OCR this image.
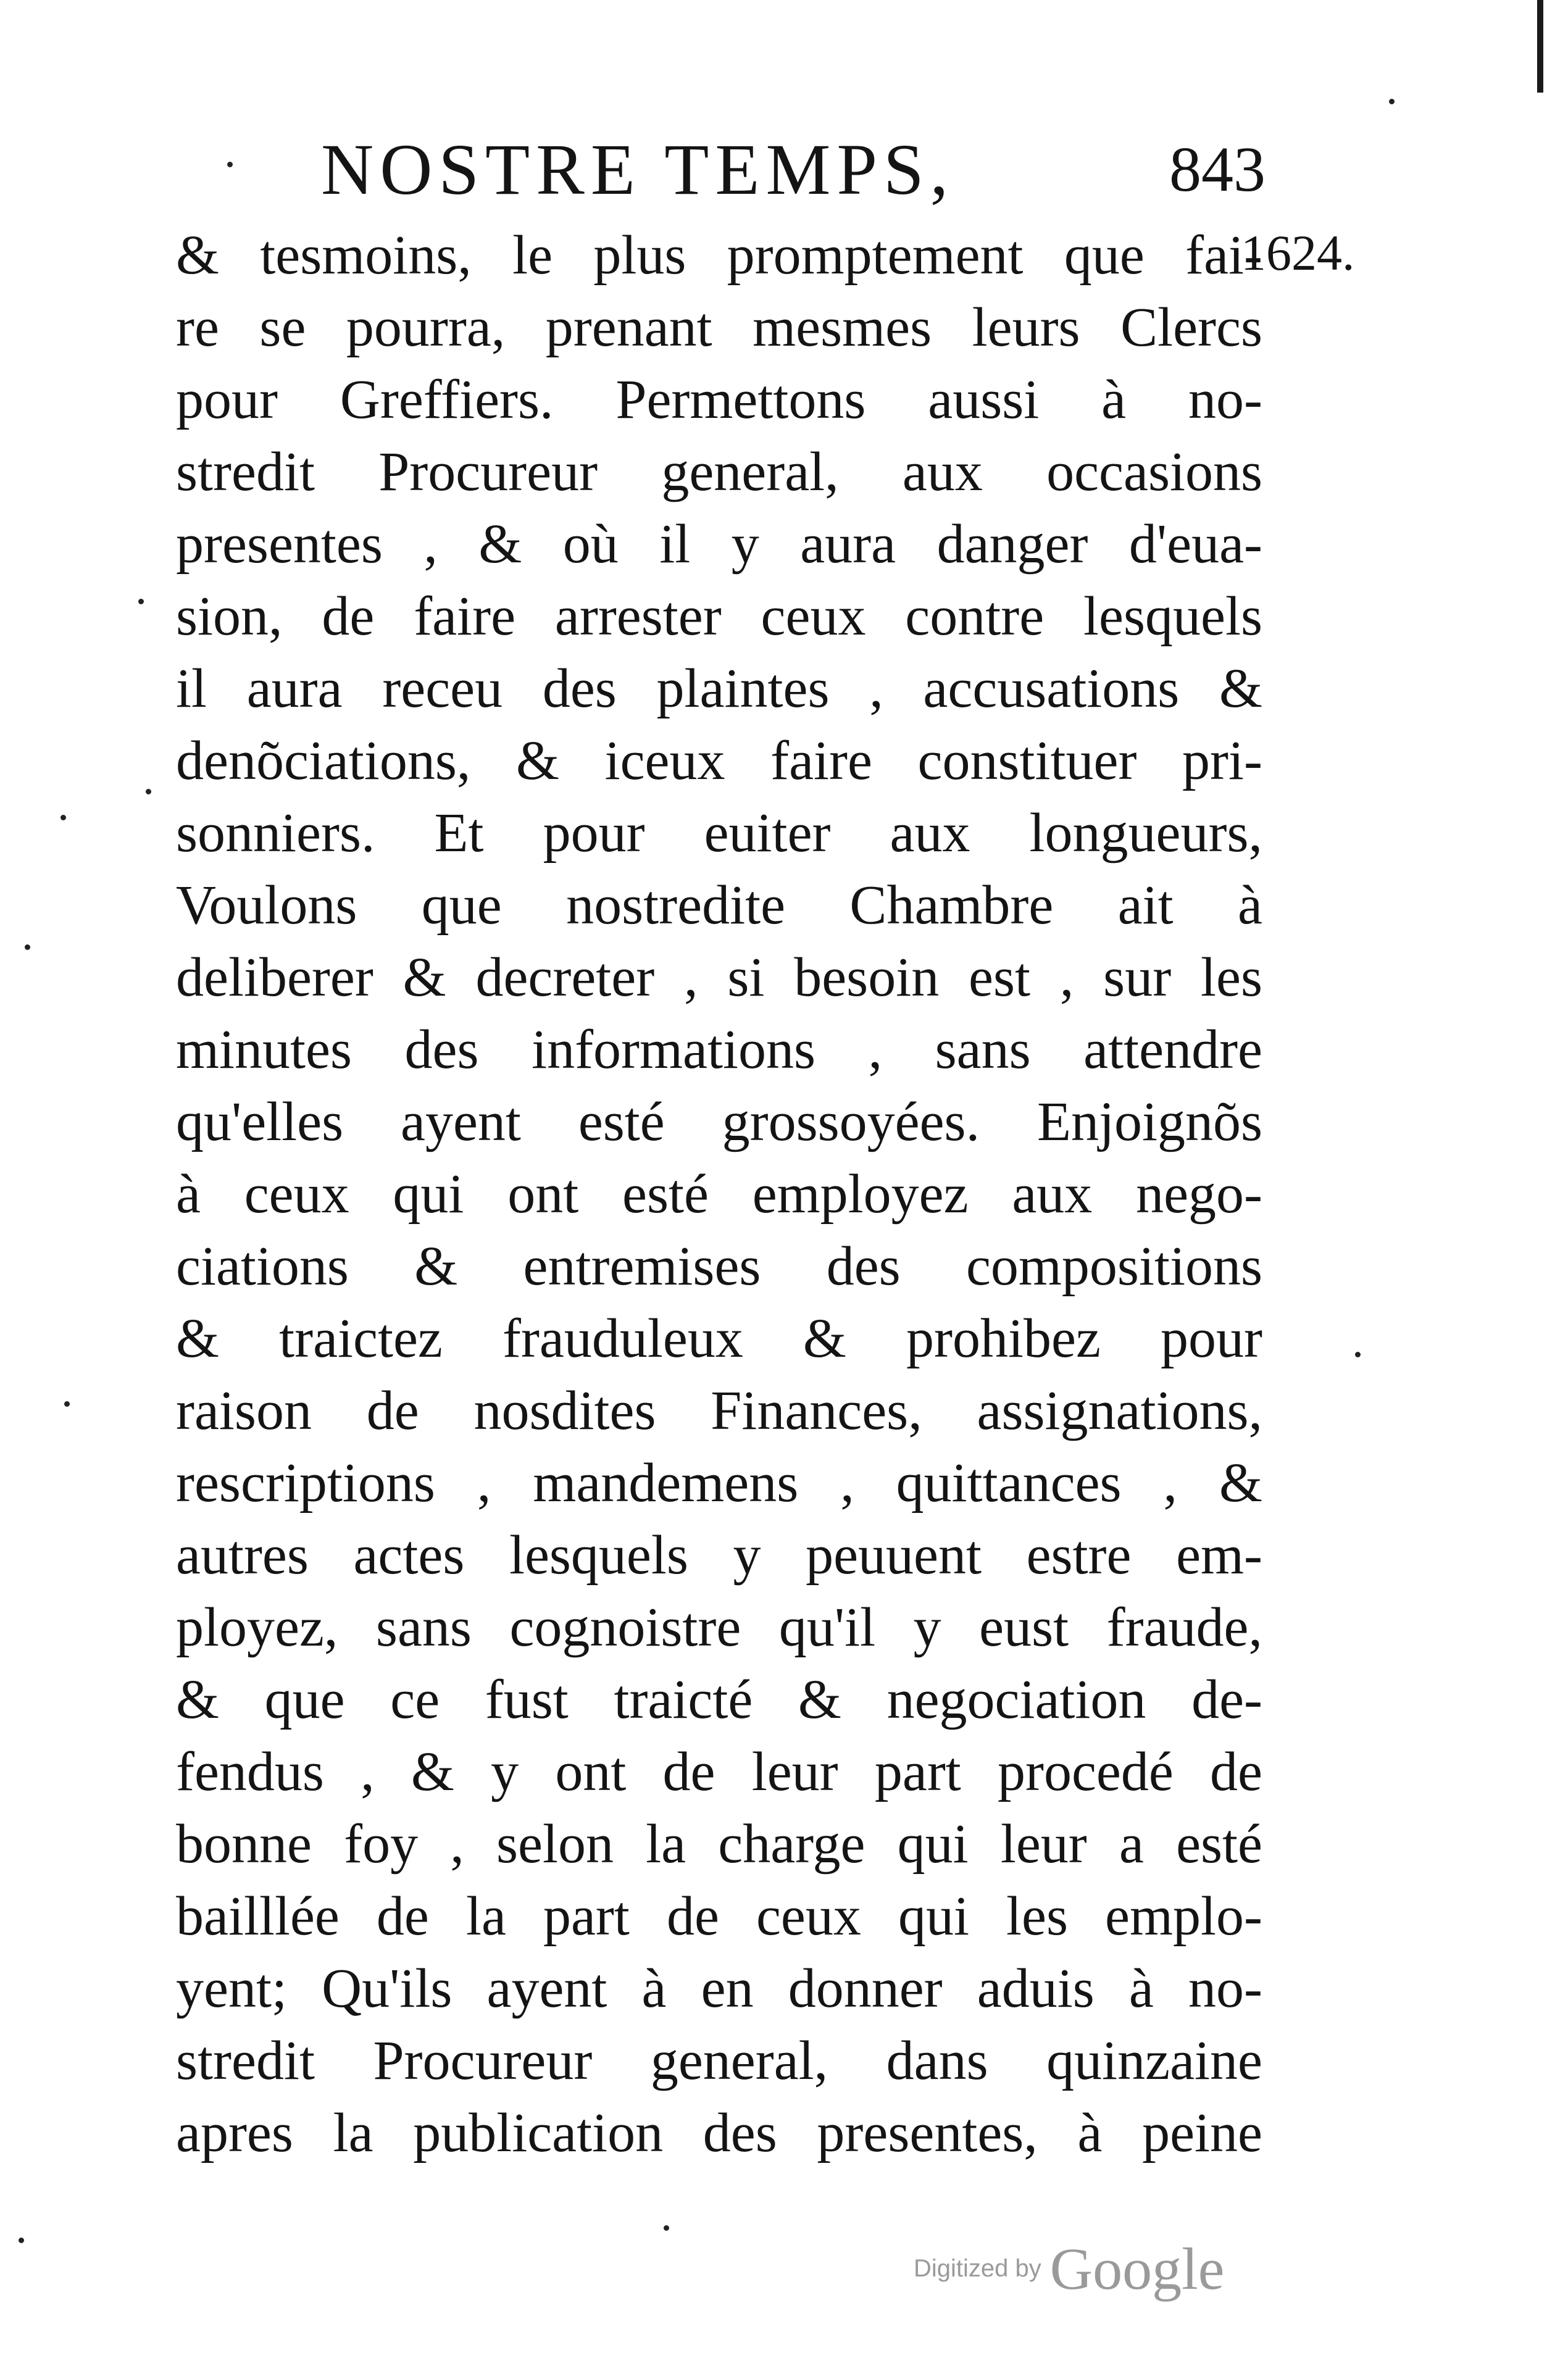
NOSTRE TEMPS,	843
1624.
& tesmoins, le plus promptement que fai-
re se pourra, prenant mesmes leurs Clercs
pour Greffiers. Permettons aussi à no-
stredit Procureur general, aux occasions
presentes , & où il y aura danger d'eua-
sion, de faire arrester ceux contre lesquels
il aura receu des plaintes , accusations &
denõciations, & iceux faire constituer pri-
sonniers. Et pour euiter aux longueurs,
Voulons que nostredite Chambre ait à
deliberer & decreter , si besoin est , sur les
minutes des informations , sans attendre
qu'elles ayent esté grossoyées. Enjoignõs
à ceux qui ont esté employez aux nego-
ciations & entremises des compositions
& traictez frauduleux & prohibez pour
raison de nosdites Finances, assignations,
rescriptions , mandemens , quittances , &
autres actes lesquels y peuuent estre em-
ployez, sans cognoistre qu'il y eust fraude,
& que ce fust traicté & negociation de-
fendus , & y ont de leur part procedé de
bonne foy , selon la charge qui leur a esté
bailllée de la part de ceux qui les emplo-
yent; Qu'ils ayent à en donner aduis à no-
stredit Procureur general, dans quinzaine
apres la publication des presentes, à peine
Digitized by Google
